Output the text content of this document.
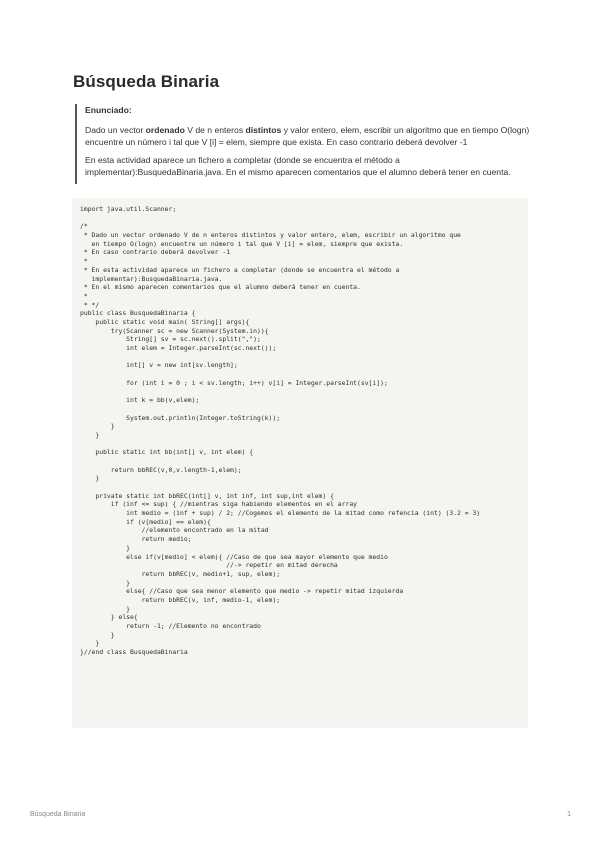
Búsqueda Binaria
Enunciado:

Dado un vector ordenado V de n enteros distintos y valor entero, elem, escribir un algoritmo que en tiempo O(logn) encuentre un número i tal que V [i] = elem, siempre que exista. En caso contrario deberá devolver -1

En esta actividad aparece un fichero a completar (donde se encuentra el método a implementar):BusquedaBinaria.java. En el mismo aparecen comentarios que el alumno deberá tener en cuenta.

import java.util.Scanner;

/*
* Dado un vector ordenado V de n enteros distintos y valor entero, elem, escribir un algoritmo que
en tiempo O(logn) encuentre un número i tal que V [i] = elem, siempre que exista.
* En caso contrario deberá devolver -1
*
* En esta actividad aparece un fichero a completar (donde se encuentra el método a
implementar):BusquedaBinaria.java.
* En el mismo aparecen comentarios que el alumno deberá tener en cuenta.
*
* */
public class BusquedaBinaria {
public static void main( String[] args){
try(Scanner sc = new Scanner(System.in)){
String[] sv = sc.next().split(",");
int elem = Integer.parseInt(sc.next());

int[] v = new int[sv.length];

for (int i = 0 ; i < sv.length; i++) v[i] = Integer.parseInt(sv[i]);

int k = bb(v,elem);

System.out.println(Integer.toString(k));
}
}

public static int bb(int[] v, int elem) {

return bbREC(v,0,v.length-1,elem);
}

private static int bbREC(int[] v, int inf, int sup,int elem) {
if (inf <= sup) { //mientras siga habiendo elementos en el array
int medio = (inf + sup) / 2; //Cogemos el elemento de la mitad como refencia (int) (3.2 = 3)
if (v[medio] == elem){
//elemento encontrado en la mitad
return medio;
}
else if(v[medio] < elem){ //Caso de que sea mayor elemento que medio
//-> repetir en mitad derecha
return bbREC(v, medio+1, sup, elem);
}
else{ //Caso que sea menor elemento que medio -> repetir mitad izquierda
return bbREC(v, inf, medio-1, elem);
}
} else{
return -1; //Elemento no encontrado
}
}
}//end class BusquedaBinaria
Búsqueda Binaria	1
